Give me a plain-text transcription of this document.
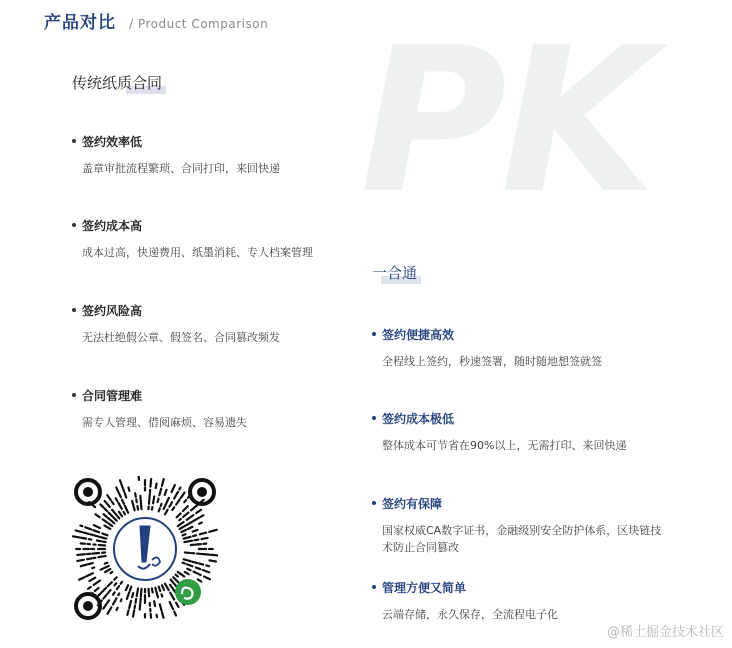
产品对比 / Product Comparison PK
传统纸质合同
签约效率低
盖章审批流程繁琐、合同打印，来回快递
签约成本高
成本过高，快递费用、纸墨消耗、专人档案管理
签约风险高
无法杜绝假公章、假签名、合同篡改频发
合同管理难
需专人管理、借阅麻烦、容易遗失
一合通
签约便捷高效
全程线上签约，秒速签署，随时随地想签就签
签约成本极低
整体成本可节省在90%以上，无需打印、来回快递
签约有保障
国家权威CA数字证书，金融级别安全防护体系，区块链技术防止合同篡改
管理方便又简单
云端存储，永久保存，全流程电子化
@稀土掘金技术社区
